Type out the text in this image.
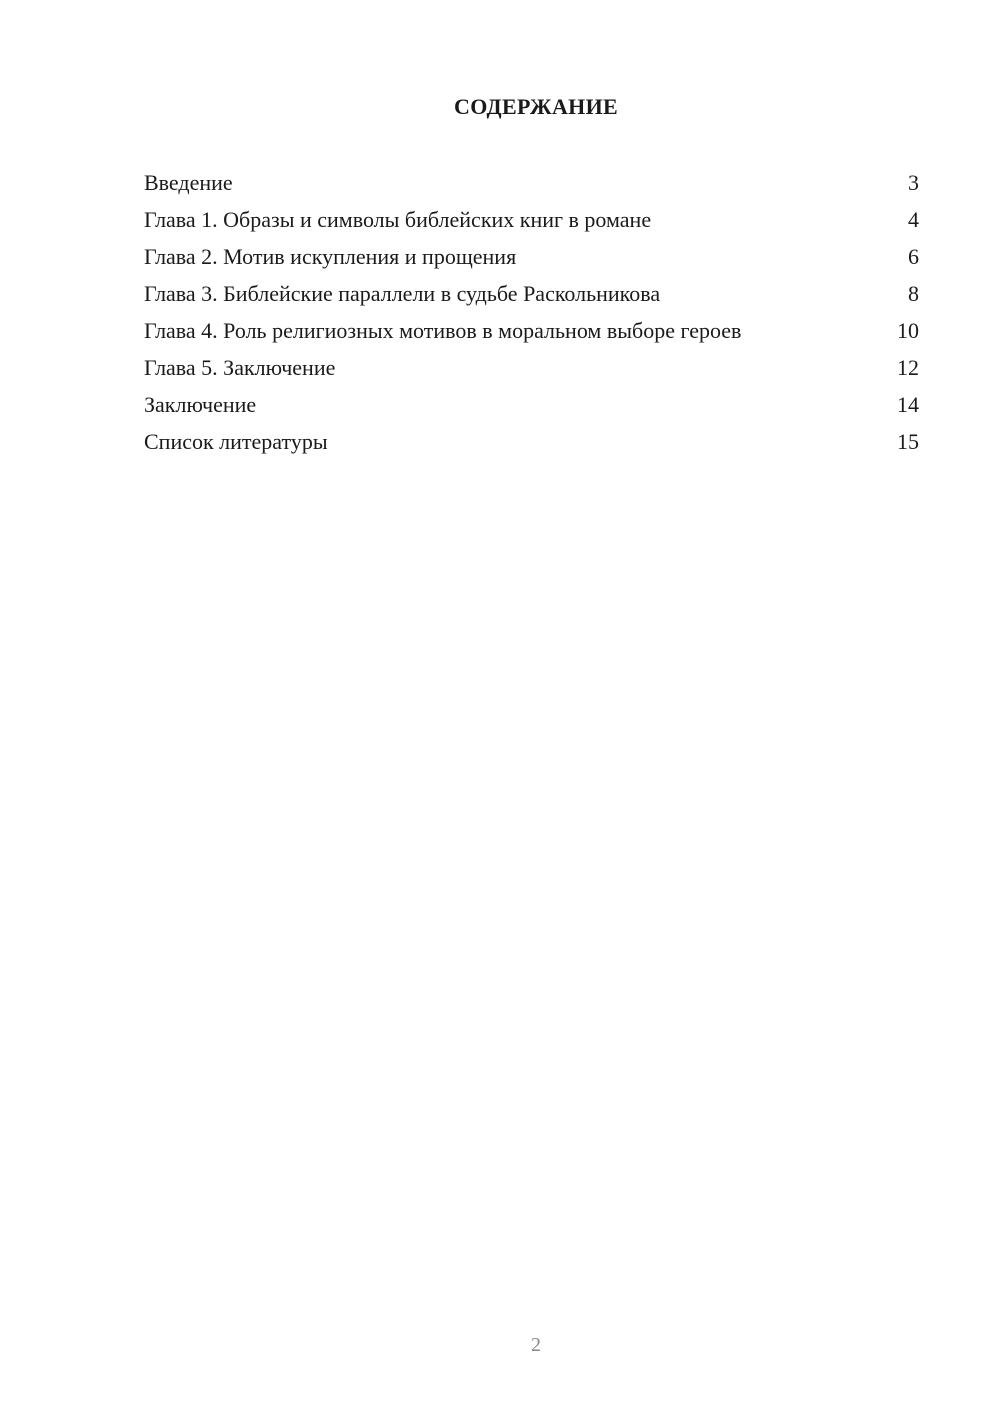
СОДЕРЖАНИЕ
Введение	3
Глава 1. Образы и символы библейских книг в романе	4
Глава 2. Мотив искупления и прощения	6
Глава 3. Библейские параллели в судьбе Раскольникова	8
Глава 4. Роль религиозных мотивов в моральном выборе героев	10
Глава 5. Заключение	12
Заключение	14
Список литературы	15
2
